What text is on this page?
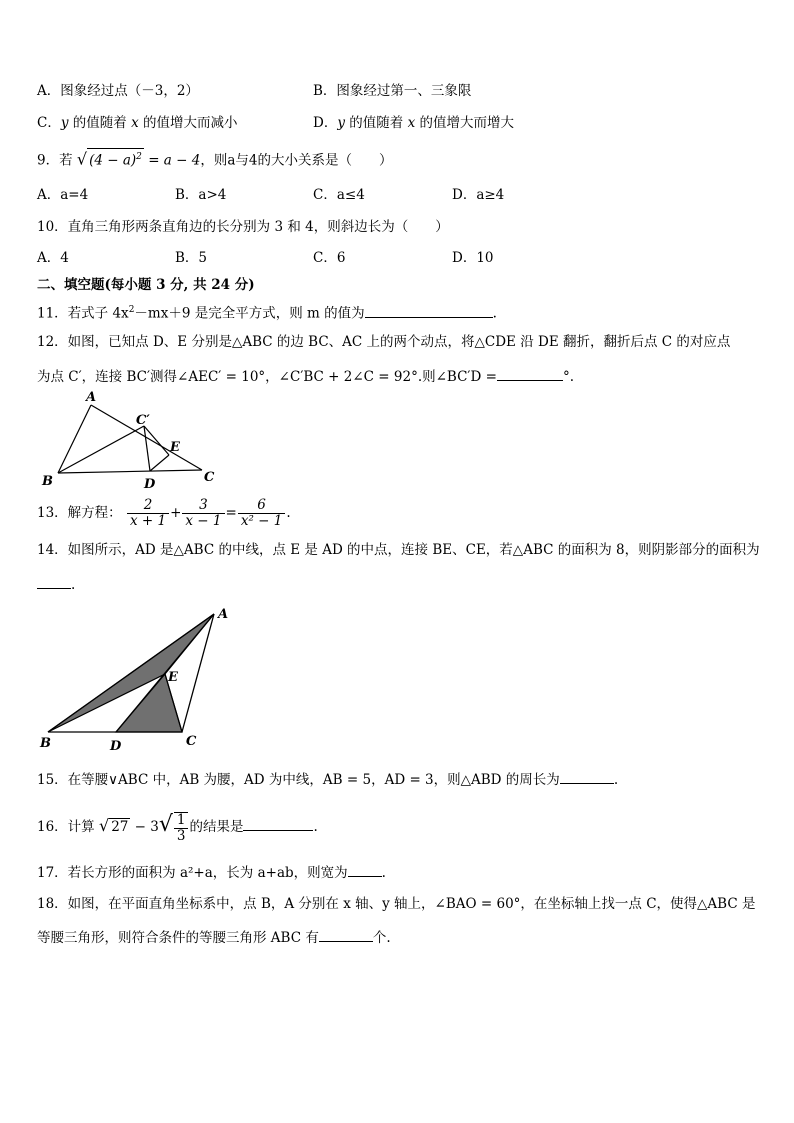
A．图象经过点（－3，2）	B．图象经过第一、三象限
C．y 的值随着 x 的值增大而减小	D．y 的值随着 x 的值增大而增大
9．若 √ $(4 - a)^2 = a - 4$，则a与4的大小关系是（　　）
A．a=4	B．a>4	C．a≤4	D．a≥4
10．直角三角形两条直角边的长分别为 3 和 4，则斜边长为（　　）
A．4	B．5	C．6	D．10
二、填空题(每小题 3 分, 共 24 分)
11．若式子 $4x^2-mx+9$ 是完全平方式，则 m 的值为	.
12．如图，已知点 D、E 分别是△ABC 的边 BC、AC 上的两个动点，将△CDE 沿 DE 翻折，翻折后点 C 的对应点
为点 C′，连接 BC′测得∠AEC′ = 10°，∠C′BC + 2∠C = 92°.则∠BC′D =	°.
A
B	C
C′
D
E
13．解方程： $\frac{2}{x + 1} + \frac{3}{x - 1} = \frac{6}{\text{x² − 1}}$ .
14．如图所示，AD 是△ABC 的中线，点 E 是 AD 的中点，连接 BE、CE，若△ABC 的面积为 8，则阴影部分的面积为
.
A
B	C
D
E
15．在等腰∨ABC 中，AB 为腰，AD 为中线，AB = 5，AD = 3，则△ABD 的周长为	.
16．计算 √ $27 - 3√ \frac{1}{3}$ 的结果是	.
17．若长方形的面积为 a²+a，长为 a+ab，则宽为	.
18．如图，在平面直角坐标系中，点 B，A 分别在 x 轴、y 轴上，∠BAO = 60°，在坐标轴上找一点 C，使得△ABC 是
等腰三角形，则符合条件的等腰三角形 ABC 有	个.
